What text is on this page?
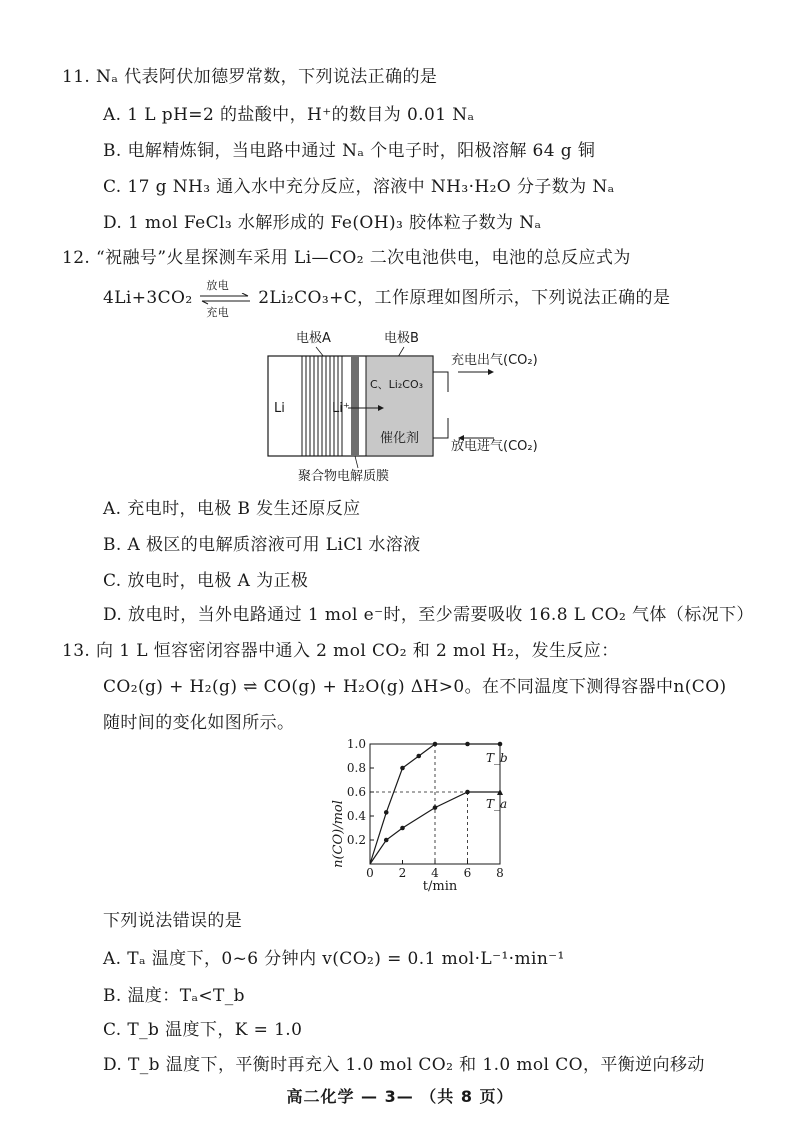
11. Nₐ 代表阿伏加德罗常数，下列说法正确的是
A. 1 L pH=2 的盐酸中，H⁺的数目为 0.01 Nₐ
B. 电解精炼铜，当电路中通过 Nₐ 个电子时，阳极溶解 64 g 铜
C. 17 g NH₃ 通入水中充分反应，溶液中 NH₃·H₂O 分子数为 Nₐ
D. 1 mol FeCl₃ 水解形成的 Fe(OH)₃ 胶体粒子数为 Nₐ
12. “祝融号”火星探测车采用 Li—CO₂ 二次电池供电，电池的总反应式为
4Li+3CO₂
放电
充电
2Li₂CO₃+C，工作原理如图所示，下列说法正确的是
电极A	电极B
Li	Li⁺
C、Li₂CO₃
催化剂
充电出气(CO₂)
放电进气(CO₂)
聚合物电解质膜
A. 充电时，电极 B 发生还原反应
B. A 极区的电解质溶液可用 LiCl 水溶液
C. 放电时，电极 A 为正极
D. 放电时，当外电路通过 1 mol e⁻时，至少需要吸收 16.8 L CO₂ 气体（标况下）
13. 向 1 L 恒容密闭容器中通入 2 mol CO₂ 和 2 mol H₂，发生反应：
CO₂(g) + H₂(g) ⇌ CO(g) + H₂O(g) ΔH>0。在不同温度下测得容器中n(CO)
随时间的变化如图所示。
n(CO)/mol
t/min
0 2 4 6 8
0.2
0.4
0.6
0.8
1.0
T_b
T_a
下列说法错误的是
A. Tₐ 温度下，0~6 分钟内 v(CO₂) = 0.1 mol·L⁻¹·min⁻¹
B. 温度：Tₐ<T_b
C. T_b 温度下，K = 1.0
D. T_b 温度下，平衡时再充入 1.0 mol CO₂ 和 1.0 mol CO，平衡逆向移动
高二化学 — 3— （共 8 页）
